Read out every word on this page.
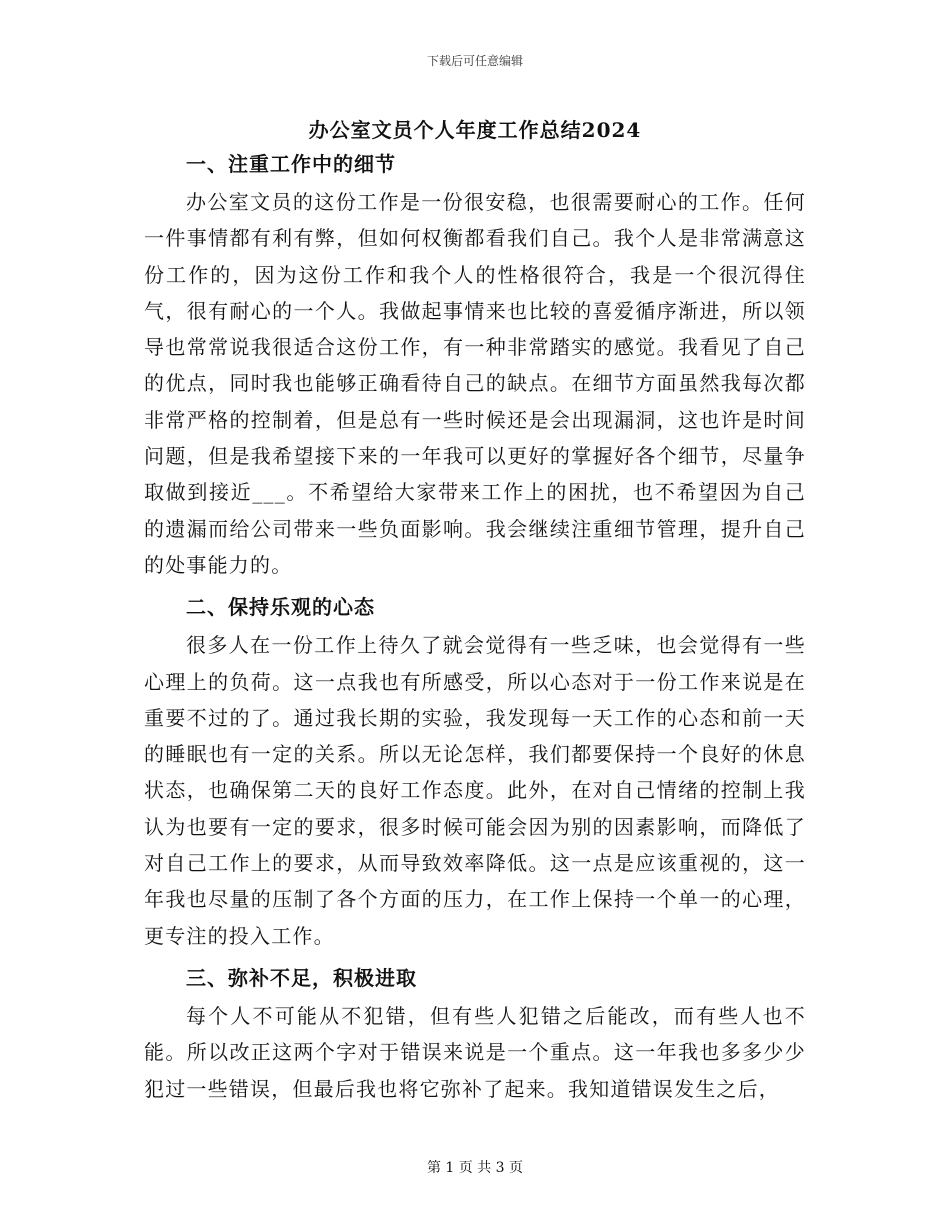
下载后可任意编辑
办公室文员个人年度工作总结2024
一、注重工作中的细节

办公室文员的这份工作是一份很安稳，也很需要耐心的工作。任何一件事情都有利有弊，但如何权衡都看我们自己。我个人是非常满意这份工作的，因为这份工作和我个人的性格很符合，我是一个很沉得住气，很有耐心的一个人。我做起事情来也比较的喜爱循序渐进，所以领导也常常说我很适合这份工作，有一种非常踏实的感觉。我看见了自己的优点，同时我也能够正确看待自己的缺点。在细节方面虽然我每次都非常严格的控制着，但是总有一些时候还是会出现漏洞，这也许是时间问题，但是我希望接下来的一年我可以更好的掌握好各个细节，尽量争取做到接近___。不希望给大家带来工作上的困扰，也不希望因为自己的遗漏而给公司带来一些负面影响。我会继续注重细节管理，提升自己的处事能力的。

二、保持乐观的心态

很多人在一份工作上待久了就会觉得有一些乏味，也会觉得有一些心理上的负荷。这一点我也有所感受，所以心态对于一份工作来说是在重要不过的了。通过我长期的实验，我发现每一天工作的心态和前一天的睡眠也有一定的关系。所以无论怎样，我们都要保持一个良好的休息状态，也确保第二天的良好工作态度。此外，在对自己情绪的控制上我认为也要有一定的要求，很多时候可能会因为别的因素影响，而降低了对自己工作上的要求，从而导致效率降低。这一点是应该重视的，这一年我也尽量的压制了各个方面的压力，在工作上保持一个单一的心理，更专注的投入工作。

三、弥补不足，积极进取

每个人不可能从不犯错，但有些人犯错之后能改，而有些人也不能。所以改正这两个字对于错误来说是一个重点。这一年我也多多少少犯过一些错误，但最后我也将它弥补了起来。我知道错误发生之后，

第 1 页 共 3 页
